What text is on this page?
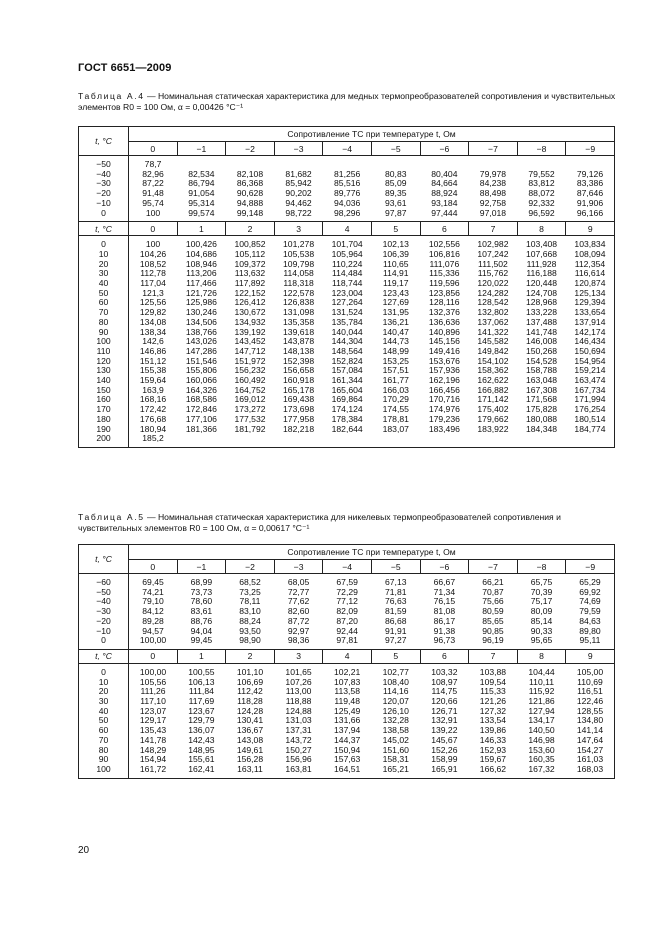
ГОСТ 6651—2009
Таблица А.4 — Номинальная статическая характеристика для медных термопреобразователей сопротивления и чувствительных элементов R0 = 100 Ом, α = 0,00426 °С⁻¹
t, °С	Сопротивление ТС при температуре t, Ом									
	0	−1	−2	−3	−4	−5	−6	−7	−8	−9
−50	78,7									
−40	82,96	82,534	82,108	81,682	81,256	80,83	80,404	79,978	79,552	79,126
−30	87,22	86,794	86,368	85,942	85,516	85,09	84,664	84,238	83,812	83,386
−20	91,48	91,054	90,628	90,202	89,776	89,35	88,924	88,498	88,072	87,646
−10	95,74	95,314	94,888	94,462	94,036	93,61	93,184	92,758	92,332	91,906
0	100	99,574	99,148	98,722	98,296	97,87	97,444	97,018	96,592	96,166
t, °С	0	1	2	3	4	5	6	7	8	9
0	100	100,426	100,852	101,278	101,704	102,13	102,556	102,982	103,408	103,834
10	104,26	104,686	105,112	105,538	105,964	106,39	106,816	107,242	107,668	108,094
20	108,52	108,946	109,372	109,798	110,224	110,65	111,076	111,502	111,928	112,354
30	112,78	113,206	113,632	114,058	114,484	114,91	115,336	115,762	116,188	116,614
40	117,04	117,466	117,892	118,318	118,744	119,17	119,596	120,022	120,448	120,874
50	121,3	121,726	122,152	122,578	123,004	123,43	123,856	124,282	124,708	125,134
60	125,56	125,986	126,412	126,838	127,264	127,69	128,116	128,542	128,968	129,394
70	129,82	130,246	130,672	131,098	131,524	131,95	132,376	132,802	133,228	133,654
80	134,08	134,506	134,932	135,358	135,784	136,21	136,636	137,062	137,488	137,914
90	138,34	138,766	139,192	139,618	140,044	140,47	140,896	141,322	141,748	142,174
100	142,6	143,026	143,452	143,878	144,304	144,73	145,156	145,582	146,008	146,434
110	146,86	147,286	147,712	148,138	148,564	148,99	149,416	149,842	150,268	150,694
120	151,12	151,546	151,972	152,398	152,824	153,25	153,676	154,102	154,528	154,954
130	155,38	155,806	156,232	156,658	157,084	157,51	157,936	158,362	158,788	159,214
140	159,64	160,066	160,492	160,918	161,344	161,77	162,196	162,622	163,048	163,474
150	163,9	164,326	164,752	165,178	165,604	166,03	166,456	166,882	167,308	167,734
160	168,16	168,586	169,012	169,438	169,864	170,29	170,716	171,142	171,568	171,994
170	172,42	172,846	173,272	173,698	174,124	174,55	174,976	175,402	175,828	176,254
180	176,68	177,106	177,532	177,958	178,384	178,81	179,236	179,662	180,088	180,514
190	180,94	181,366	181,792	182,218	182,644	183,07	183,496	183,922	184,348	184,774
200	185,2									
Таблица А.5 — Номинальная статическая характеристика для никелевых термопреобразователей сопротивления и чувствительных элементов R0 = 100 Ом, α = 0,00617 °С⁻¹
t, °С	Сопротивление ТС при температуре t, Ом									
	0	−1	−2	−3	−4	−5	−6	−7	−8	−9
−60	69,45	68,99	68,52	68,05	67,59	67,13	66,67	66,21	65,75	65,29
−50	74,21	73,73	73,25	72,77	72,29	71,81	71,34	70,87	70,39	69,92
−40	79,10	78,60	78,11	77,62	77,12	76,63	76,15	75,66	75,17	74,69
−30	84,12	83,61	83,10	82,60	82,09	81,59	81,08	80,59	80,09	79,59
−20	89,28	88,76	88,24	87,72	87,20	86,68	86,17	85,65	85,14	84,63
−10	94,57	94,04	93,50	92,97	92,44	91,91	91,38	90,85	90,33	89,80
0	100,00	99,45	98,90	98,36	97,81	97,27	96,73	96,19	95,65	95,11
t, °С	0	1	2	3	4	5	6	7	8	9
0	100,00	100,55	101,10	101,65	102,21	102,77	103,32	103,88	104,44	105,00
10	105,56	106,13	106,69	107,26	107,83	108,40	108,97	109,54	110,11	110,69
20	111,26	111,84	112,42	113,00	113,58	114,16	114,75	115,33	115,92	116,51
30	117,10	117,69	118,28	118,88	119,48	120,07	120,66	121,26	121,86	122,46
40	123,07	123,67	124,28	124,88	125,49	126,10	126,71	127,32	127,94	128,55
50	129,17	129,79	130,41	131,03	131,66	132,28	132,91	133,54	134,17	134,80
60	135,43	136,07	136,67	137,31	137,94	138,58	139,22	139,86	140,50	141,14
70	141,78	142,43	143,08	143,72	144,37	145,02	145,67	146,33	146,98	147,64
80	148,29	148,95	149,61	150,27	150,94	151,60	152,26	152,93	153,60	154,27
90	154,94	155,61	156,28	156,96	157,63	158,31	158,99	159,67	160,35	161,03
100	161,72	162,41	163,11	163,81	164,51	165,21	165,91	166,62	167,32	168,03
20
